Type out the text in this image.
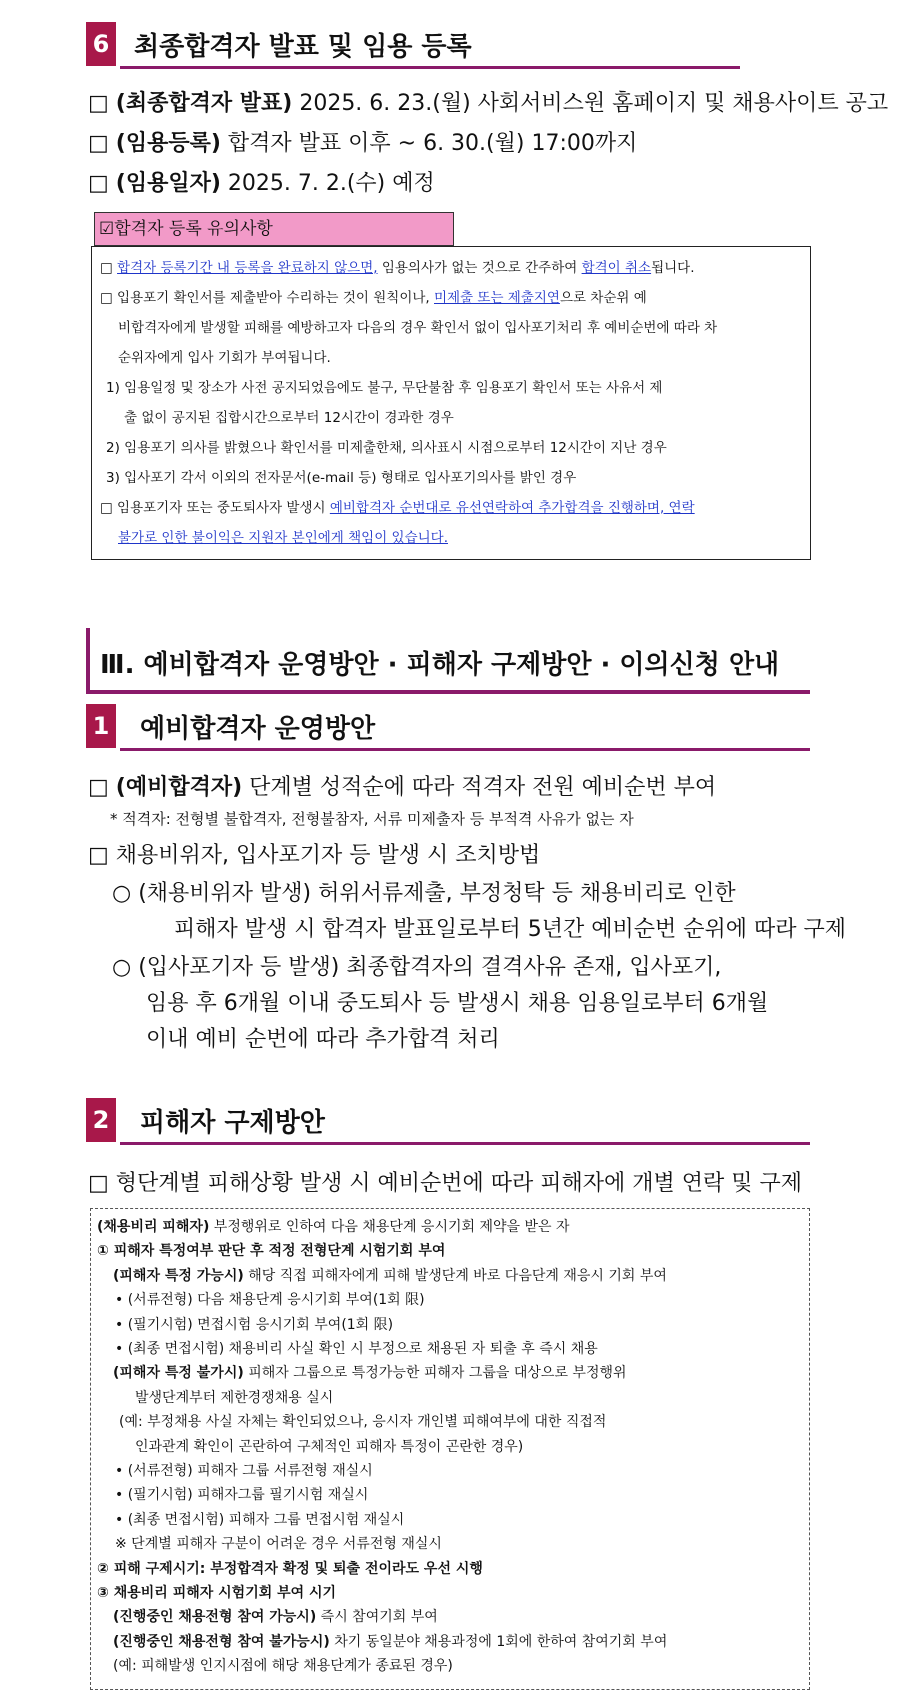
6 최종합격자 발표 및 임용 등록
□ (최종합격자 발표) 2025. 6. 23.(월) 사회서비스원 홈페이지 및 채용사이트 공고
□ (임용등록) 합격자 발표 이후 ~ 6. 30.(월) 17:00까지
□ (임용일자) 2025. 7. 2.(수) 예정
☑합격자 등록 유의사항
□ 합격자 등록기간 내 등록을 완료하지 않으면, 임용의사가 없는 것으로 간주하여 합격이 취소됩니다.
□ 입용포기 확인서를 제출받아 수리하는 것이 원칙이나, 미제출 또는 제출지연으로 차순위 예
비합격자에게 발생할 피해를 예방하고자 다음의 경우 확인서 없이 입사포기처리 후 예비순번에 따라 차
순위자에게 입사 기회가 부여됩니다.
1) 임용일정 및 장소가 사전 공지되었음에도 불구, 무단불참 후 임용포기 확인서 또는 사유서 제
출 없이 공지된 집합시간으로부터 12시간이 경과한 경우
2) 임용포기 의사를 밝혔으나 확인서를 미제출한채, 의사표시 시점으로부터 12시간이 지난 경우
3) 입사포기 각서 이외의 전자문서(e-mail 등) 형태로 입사포기의사를 밝인 경우
□ 임용포기자 또는 중도퇴사자 발생시 예비합격자 순번대로 유선연락하여 추가합격을 진행하며, 연락
불가로 인한 불이익은 지원자 본인에게 책임이 있습니다.
Ⅲ. 예비합격자 운영방안 · 피해자 구제방안 · 이의신청 안내
1 예비합격자 운영방안
□ (예비합격자) 단계별 성적순에 따라 적격자 전원 예비순번 부여
* 적격자: 전형별 불합격자, 전형불참자, 서류 미제출자 등 부적격 사유가 없는 자
□ 채용비위자, 입사포기자 등 발생 시 조치방법
○ (채용비위자 발생) 허위서류제출, 부정청탁 등 채용비리로 인한
피해자 발생 시 합격자 발표일로부터 5년간 예비순번 순위에 따라 구제
○ (입사포기자 등 발생) 최종합격자의 결격사유 존재, 입사포기,
임용 후 6개월 이내 중도퇴사 등 발생시 채용 임용일로부터 6개월
이내 예비 순번에 따라 추가합격 처리
2 피해자 구제방안
□ 형단계별 피해상황 발생 시 예비순번에 따라 피해자에 개별 연락 및 구제
(채용비리 피해자) 부정행위로 인하여 다음 채용단계 응시기회 제약을 받은 자
① 피해자 특정여부 판단 후 적정 전형단계 시험기회 부여
(피해자 특정 가능시) 해당 직접 피해자에게 피해 발생단계 바로 다음단계 재응시 기회 부여
• (서류전형) 다음 채용단계 응시기회 부여(1회 限)
• (필기시험) 면접시험 응시기회 부여(1회 限)
• (최종 면접시험) 채용비리 사실 확인 시 부정으로 채용된 자 퇴출 후 즉시 채용
(피해자 특정 불가시) 피해자 그룹으로 특정가능한 피해자 그룹을 대상으로 부정행위
발생단계부터 제한경쟁채용 실시
(예: 부정채용 사실 자체는 확인되었으나, 응시자 개인별 피해여부에 대한 직접적
인과관계 확인이 곤란하여 구체적인 피해자 특정이 곤란한 경우)
• (서류전형) 피해자 그룹 서류전형 재실시
• (필기시험) 피해자그룹 필기시험 재실시
• (최종 면접시험) 피해자 그룹 면접시험 재실시
※ 단계별 피해자 구분이 어려운 경우 서류전형 재실시
② 피해 구제시기: 부정합격자 확정 및 퇴출 전이라도 우선 시행
③ 채용비리 피해자 시험기회 부여 시기
(진행중인 채용전형 참여 가능시) 즉시 참여기회 부여
(진행중인 채용전형 참여 불가능시) 차기 동일분야 채용과정에 1회에 한하여 참여기회 부여
(예: 피해발생 인지시점에 해당 채용단계가 종료된 경우)
